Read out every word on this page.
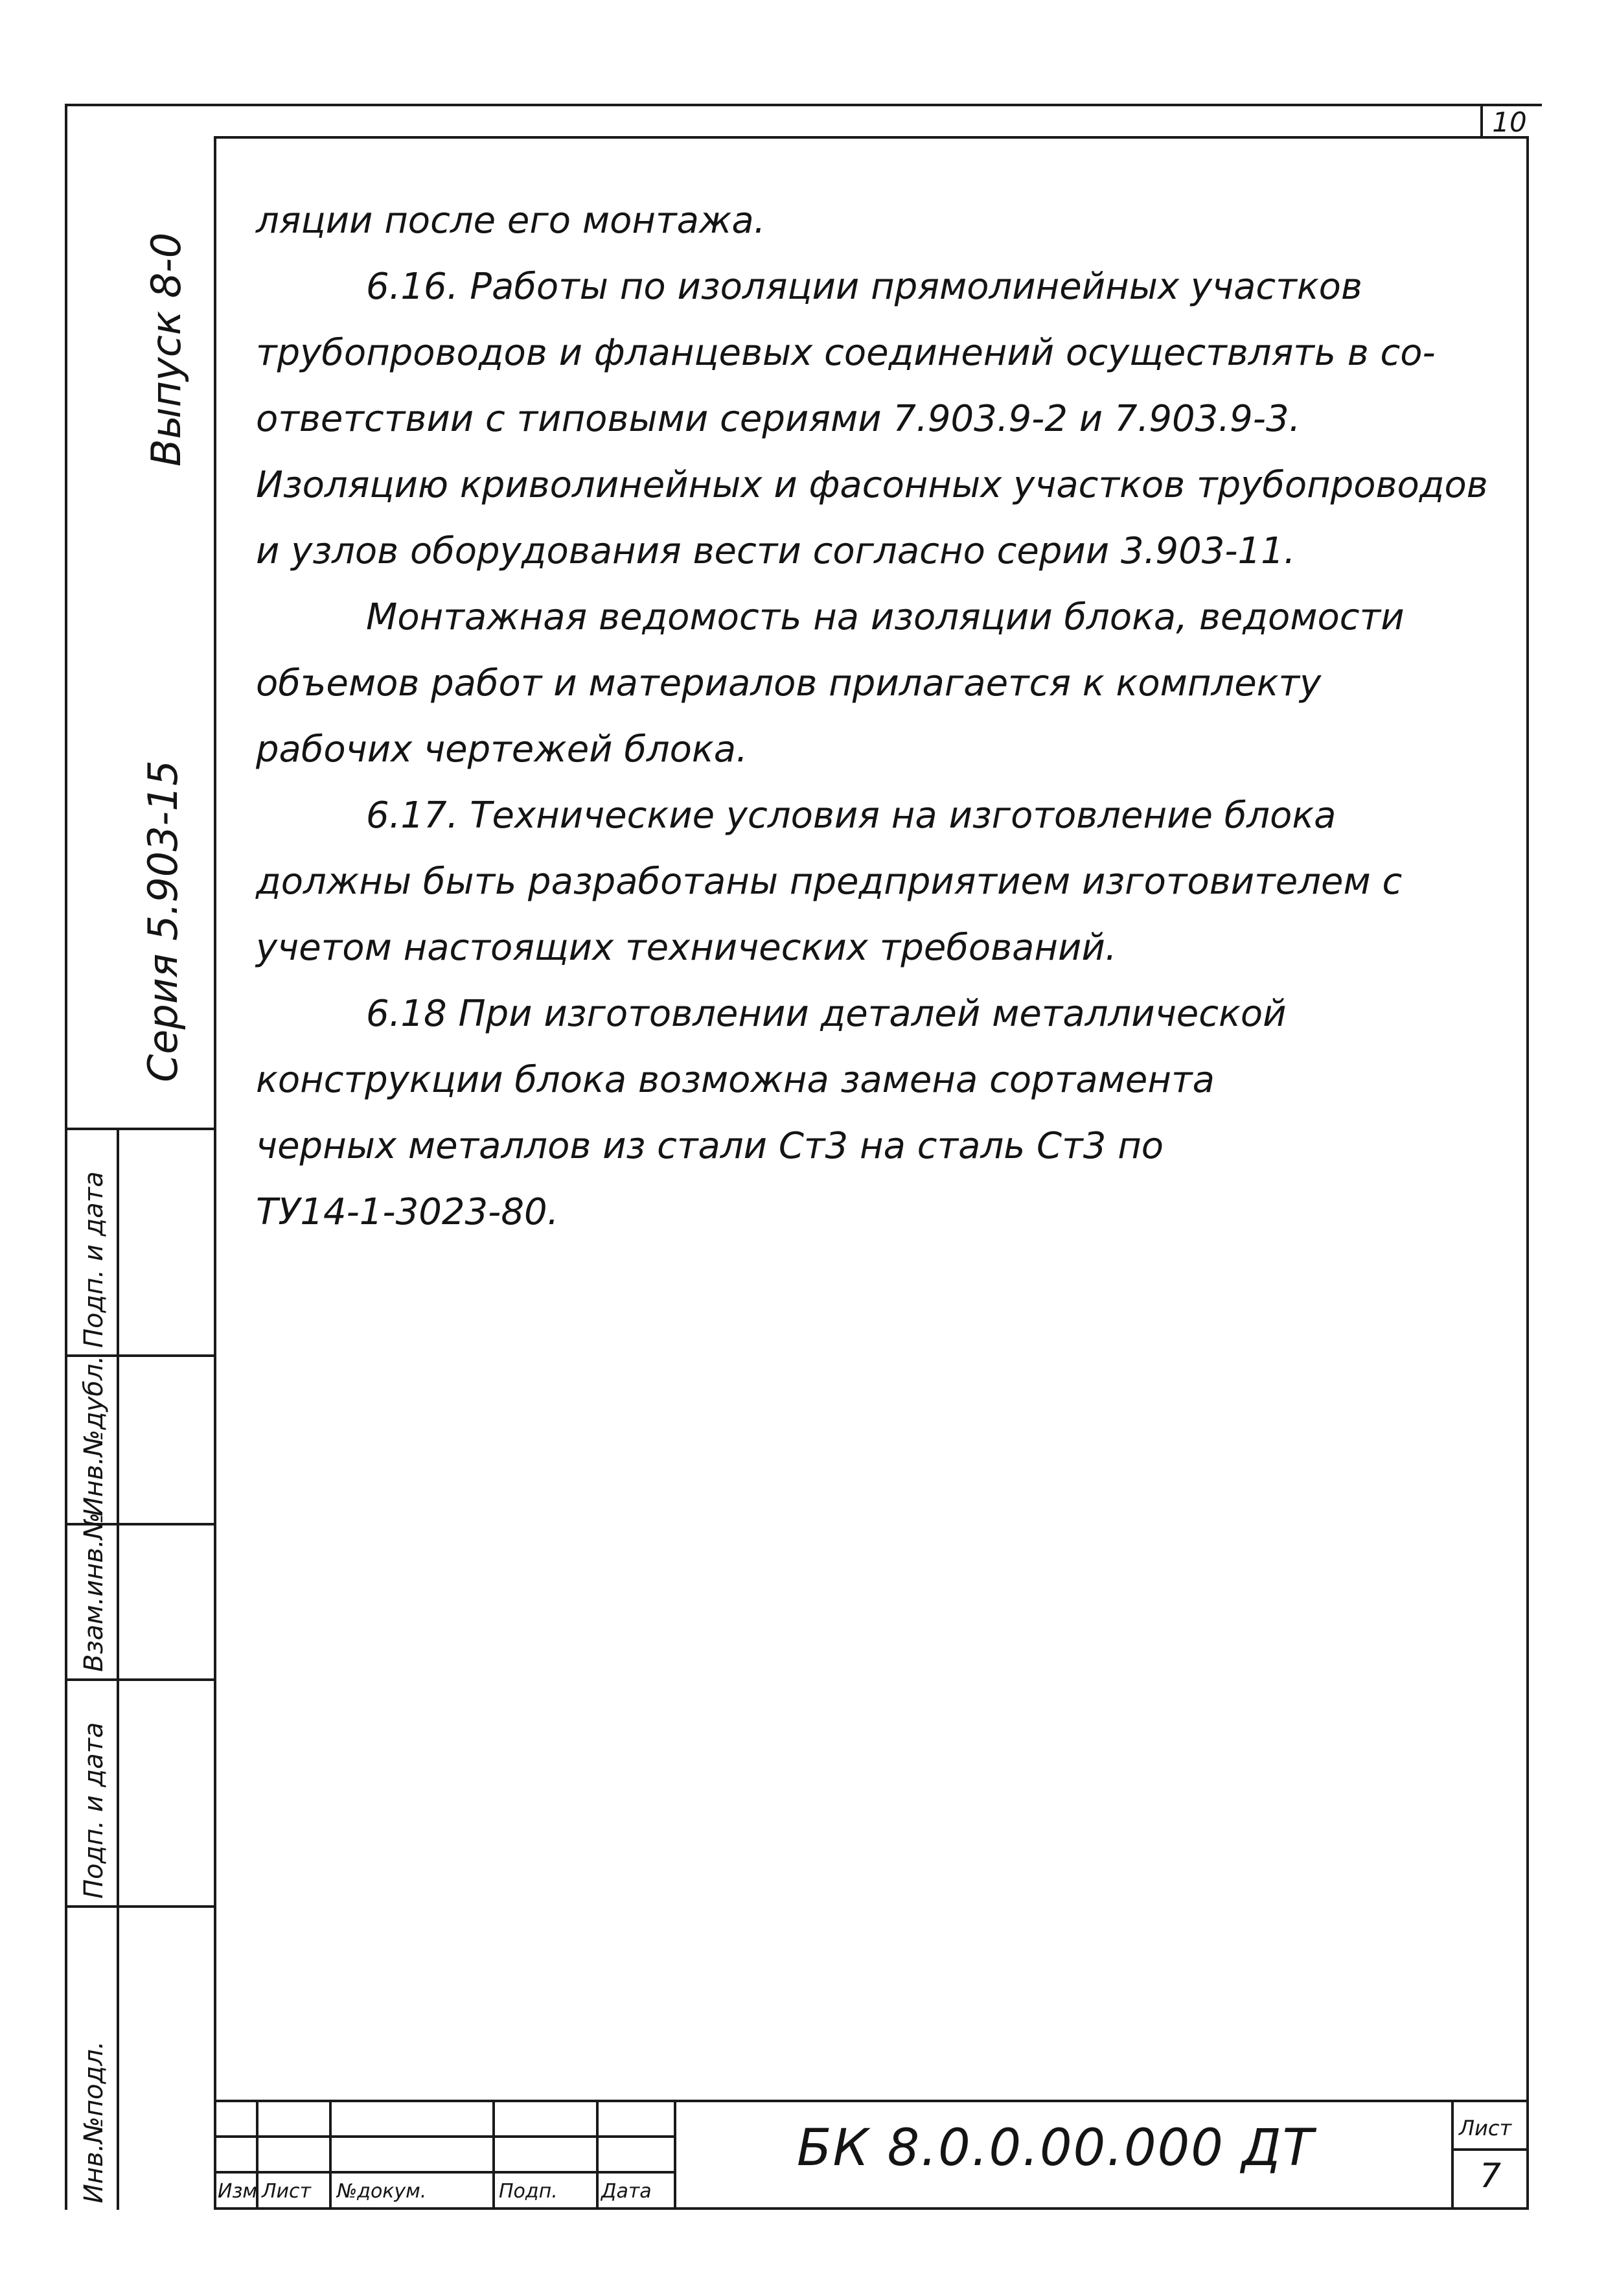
10
Выпуск 8-0
Серия 5.903-15
Инв.№подл.
Подп. и дата
Взам.инв.№
Инв.№дубл.
Подп. и дата
ляции после его монтажа.
6.16. Работы по изоляции прямолинейных участков
трубопроводов и фланцевых соединений осуществлять в со-
ответствии с типовыми сериями 7.903.9-2 и 7.903.9-3.
Изоляцию криволинейных и фасонных участков трубопроводов
и узлов оборудования вести согласно серии 3.903-11.
Монтажная ведомость на изоляции блока, ведомости
объемов работ и материалов прилагается к комплекту
рабочих чертежей блока.
6.17. Технические условия на изготовление блока
должны быть разработаны предприятием изготовителем с
учетом настоящих технических требований.
6.18 При изготовлении деталей металлической
конструкции блока возможна замена сортамента
черных металлов из стали Ст3 на сталь Ст3 по
ТУ14-1-3023-80.
Изм Лист №докум.	Подп. Дата
БК 8.0.0.00.000 ДТ	Лист
7
